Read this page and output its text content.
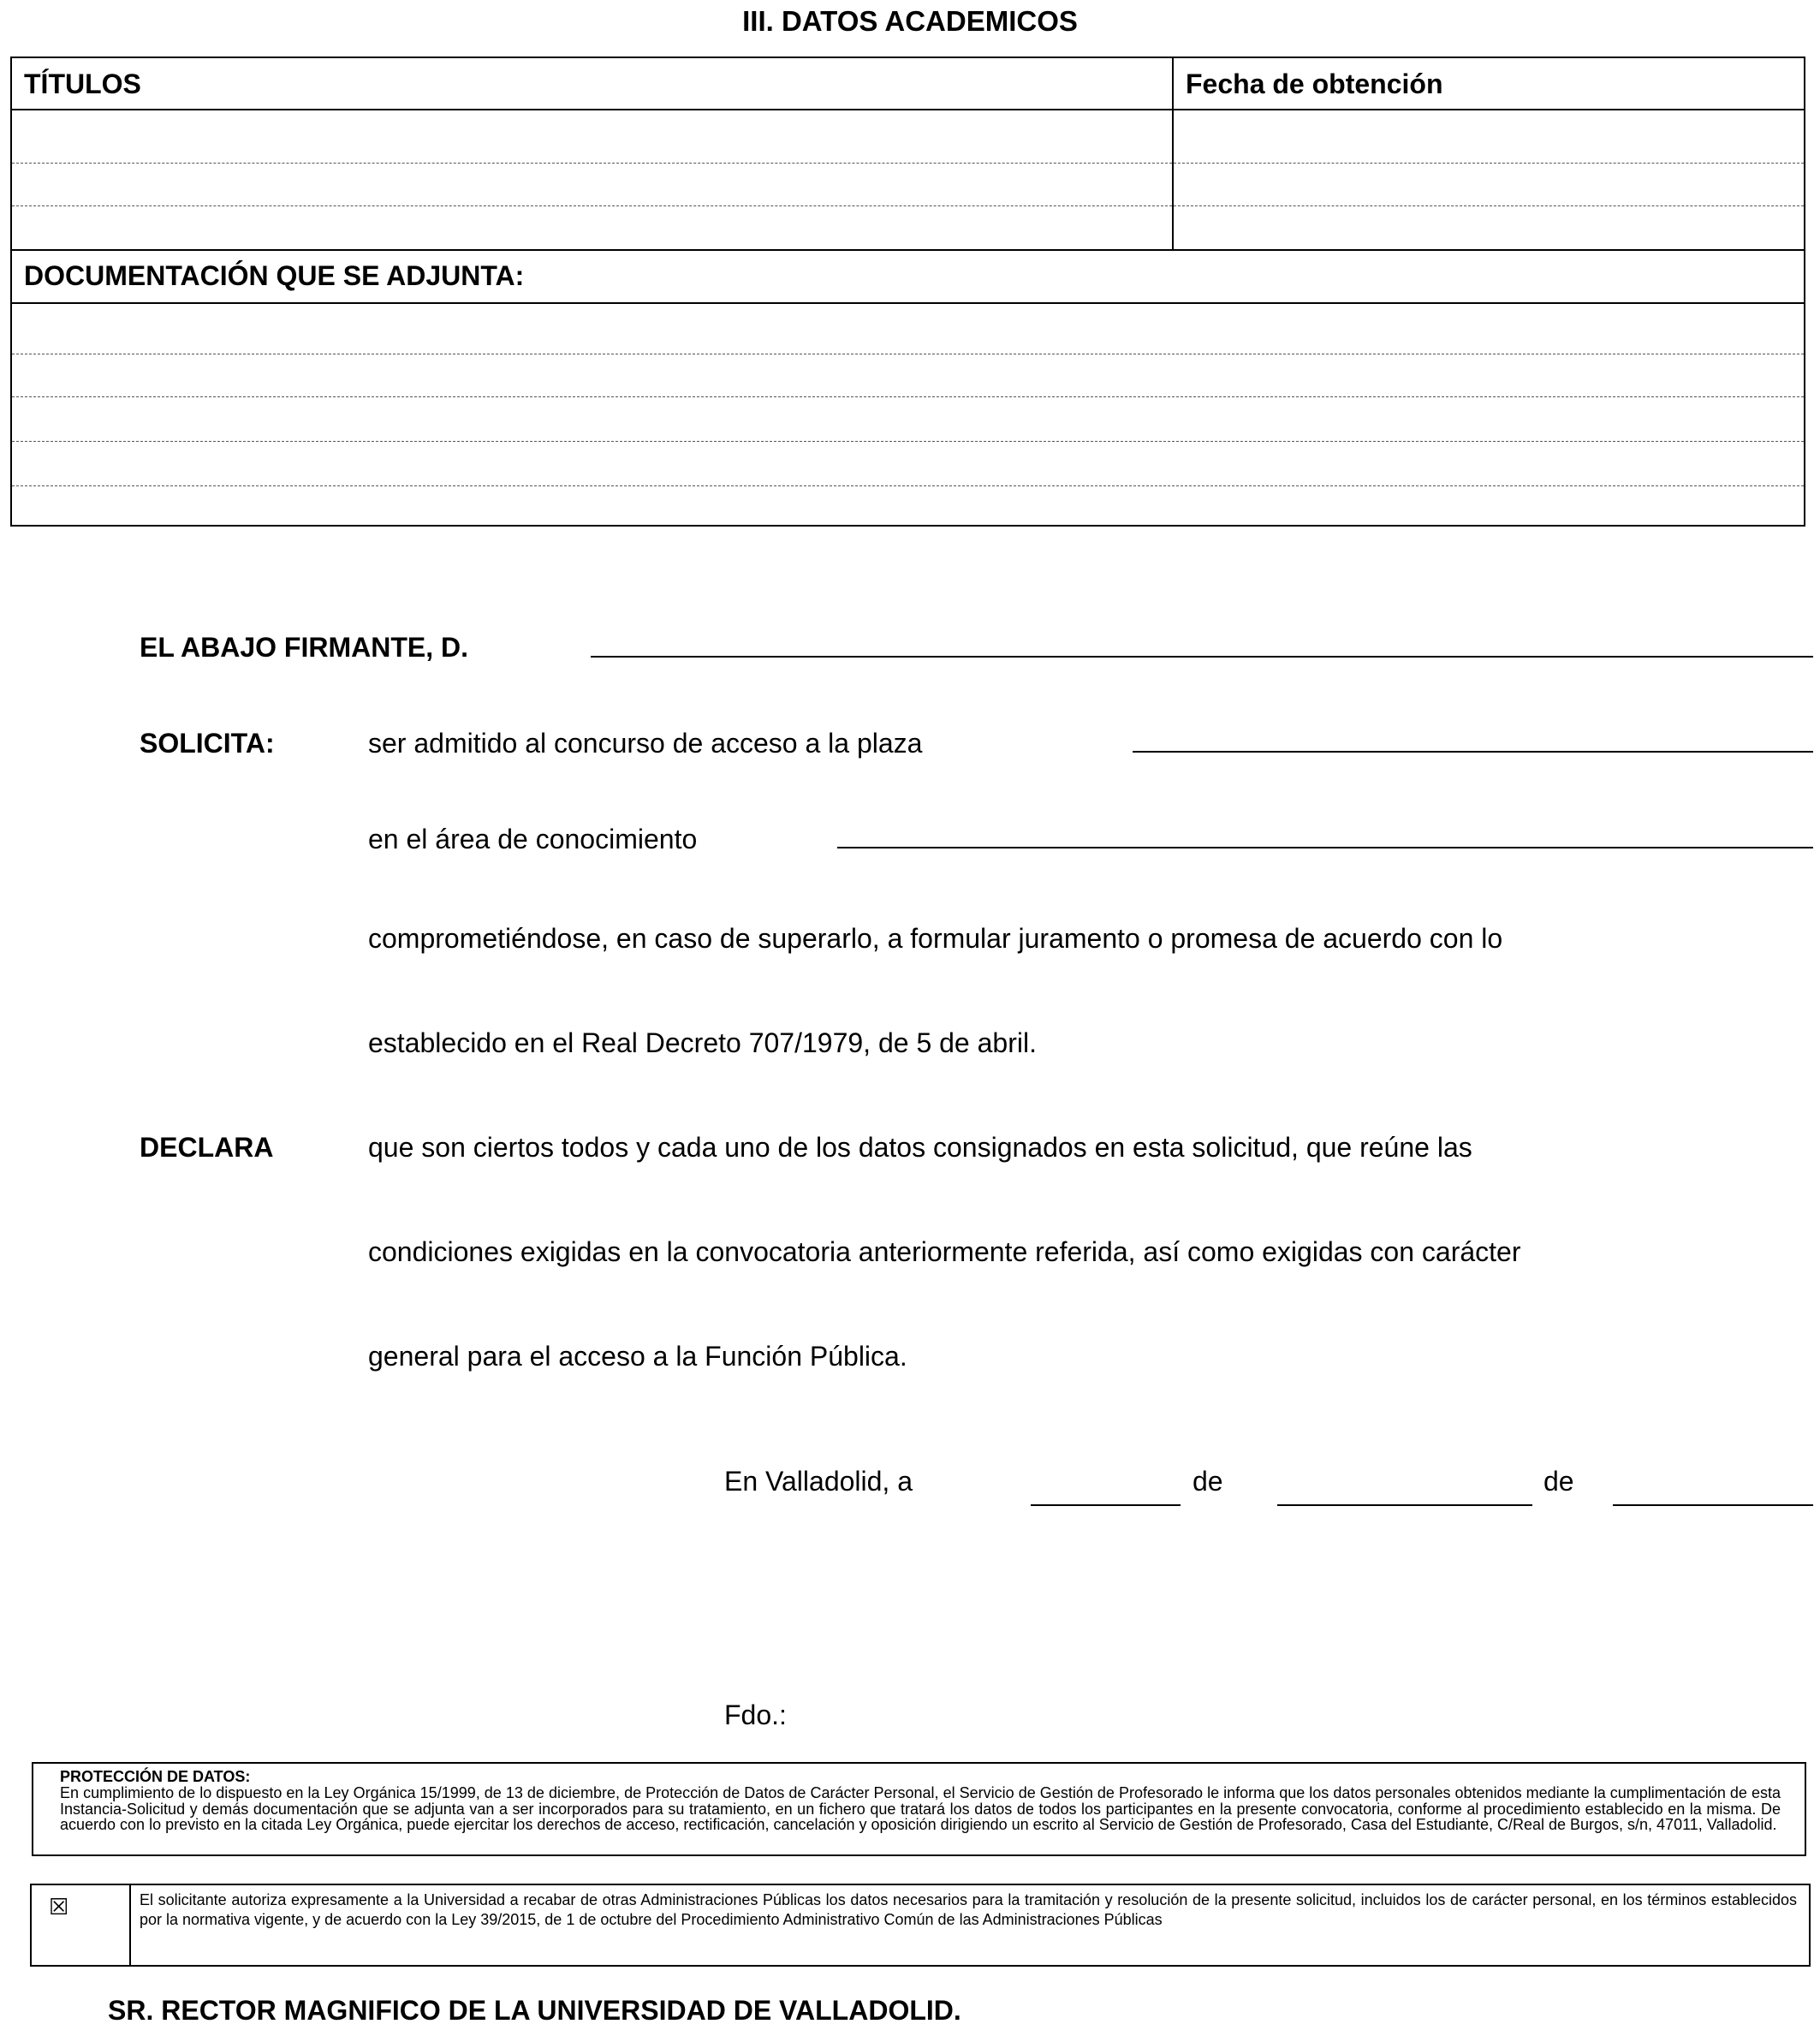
III. DATOS ACADEMICOS
TÍTULOS	Fecha de obtención
DOCUMENTACIÓN QUE SE ADJUNTA:
EL ABAJO FIRMANTE, D.
SOLICITA:	ser admitido al concurso de acceso a la plaza
en el área de conocimiento
comprometiéndose, en caso de superarlo, a formular juramento o promesa de acuerdo con lo
establecido en el Real Decreto 707/1979, de 5 de abril.
DECLARA	que son ciertos todos y cada uno de los datos consignados en esta solicitud, que reúne las
condiciones exigidas en la convocatoria anteriormente referida, así como exigidas con carácter
general para el acceso a la Función Pública.
En Valladolid, a	de	de
Fdo.:
PROTECCIÓN DE DATOS:
En cumplimiento de lo dispuesto en la Ley Orgánica 15/1999, de 13 de diciembre, de Protección de Datos de Carácter Personal, el Servicio de Gestión de Profesorado le informa que los datos personales obtenidos mediante la cumplimentación de esta Instancia-Solicitud y demás documentación que se adjunta van a ser incorporados para su tratamiento, en un fichero que tratará los datos de todos los participantes en la presente convocatoria, conforme al procedimiento establecido en la misma. De acuerdo con lo previsto en la citada Ley Orgánica, puede ejercitar los derechos de acceso, rectificación, cancelación y oposición dirigiendo un escrito al Servicio de Gestión de Profesorado, Casa del Estudiante, C/Real de Burgos, s/n, 47011, Valladolid.
☒	El solicitante autoriza expresamente a la Universidad a recabar de otras Administraciones Públicas los datos necesarios para la tramitación y resolución de la presente solicitud, incluidos los de carácter personal, en los términos establecidos por la normativa vigente, y de acuerdo con la Ley 39/2015, de 1 de octubre del Procedimiento Administrativo Común de las Administraciones Públicas
SR. RECTOR MAGNIFICO DE LA UNIVERSIDAD DE VALLADOLID.
